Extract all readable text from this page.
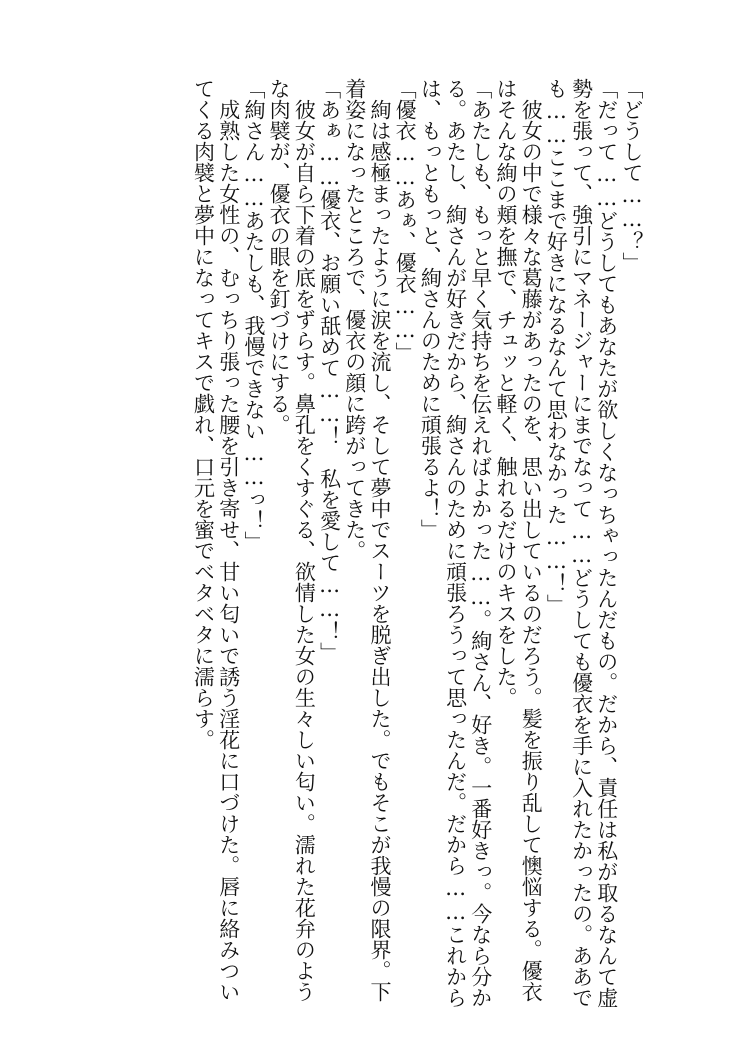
「どうして……？」

「だって……どうしてもあなたが欲しくなっちゃったんだもの。だから、責任は私が取るなんて虚

勢を張って、強引にマネージャーにまでなって……どうしても優衣を手に入れたかったの。ああで

も……ここまで好きになるなんて思わなかった……！」

　彼女の中で様々な葛藤があったのを、思い出しているのだろう。髪を振り乱して懊悩する。優衣

はそんな絢の頬を撫で、チュッと軽く、触れるだけのキスをした。

「あたしも、もっと早く気持ちを伝えればよかった……。絢さん、好き。一番好きっ。今なら分か

る。あたし、絢さんが好きだから、絢さんのために頑張ろうって思ったんだ。だから……これから

は、もっともっと、絢さんのために頑張るよ！」

「優衣……あぁ、優衣……」

　絢は感極まったように涙を流し、そして夢中でスーツを脱ぎ出した。でもそこが我慢の限界。下

着姿になったところで、優衣の顔に跨がってきた。

「あぁ……優衣、お願い舐めて……！　私を愛して……！」

　彼女が自ら下着の底をずらす。鼻孔をくすぐる、欲情した女の生々しい匂い。濡れた花弁のよう

な肉襞が、優衣の眼を釘づけにする。

「絢さん……あたしも、我慢できない……っ！」

　成熟した女性の、むっちり張った腰を引き寄せ、甘い匂いで誘う淫花に口づけた。唇に絡みつい

てくる肉襞と夢中になってキスで戯れ、口元を蜜でベタベタに濡らす。
